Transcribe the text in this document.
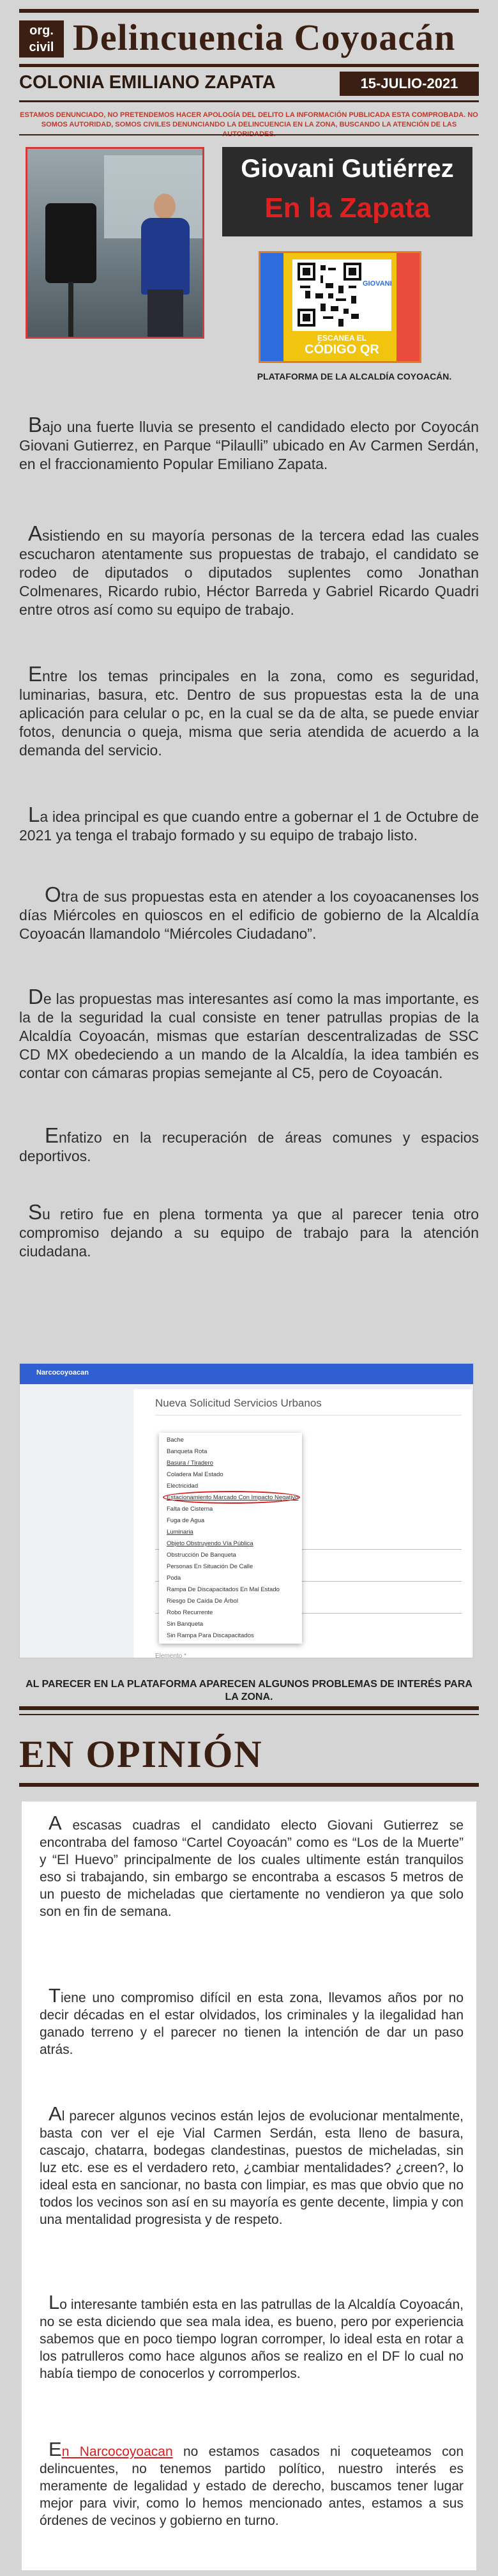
org.
civil Delincuencia Coyoacán
COLONIA EMILIANO ZAPATA	15-JULIO-2021
ESTAMOS DENUNCIADO, NO PRETENDEMOS HACER APOLOGÍA DEL DELITO LA INFORMACIÓN PUBLICADA ESTA COMPROBADA. NO SOMOS AUTORIDAD, SOMOS CIVILES DENUNCIANDO LA DELINCUENCIA EN LA ZONA, BUSCANDO LA ATENCIÓN DE LAS
Giovani Gutiérrez
En la Zapata
GIOVANI
ESCANEA EL
CÓDIGO QR
PLATAFORMA DE LA ALCALDÍA COYOACÁN.

Bajo una fuerte lluvia se presento el candidado electo por Coyocán Giovani Gutierrez, en Parque “Pilaulli” ubicado en Av Carmen Serdán, en el fraccionamiento Popular Emiliano Zapata.

Asistiendo en su mayoría personas de la tercera edad las cuales escucharon atentamente sus propuestas de trabajo, el candidato se rodeo de diputados o diputados suplentes como Jonathan Colmenares, Ricardo rubio, Héctor Barreda y Gabriel Ricardo Quadri entre otros así como su equipo de trabajo.

Entre los temas principales en la zona, como es seguridad, luminarias, basura, etc. Dentro de sus propuestas esta la de una aplicación para celular o pc, en la cual se da de alta, se puede enviar fotos, denuncia o queja, misma que seria atendida de acuerdo a la demanda del servicio.

La idea principal es que cuando entre a gobernar el 1 de Octubre de 2021 ya tenga el trabajo formado y su equipo de trabajo listo.

Otra de sus propuestas esta en atender a los coyoacanenses los días Miércoles en quioscos en el edificio de gobierno de la Alcaldía Coyoacán llamandolo “Miércoles Ciudadano”.

De las propuestas mas interesantes así como la mas importante, es la de la seguridad la cual consiste en tener patrullas propias de la Alcaldía Coyoacán, mismas que estarían descentralizadas de SSC CD MX obedeciendo a un mando de la Alcaldía, la idea también es contar con cámaras propias semejante al C5, pero de Coyoacán.

Enfatizo en la recuperación de áreas comunes y espacios deportivos.

Su retiro fue en plena tormenta ya que al parecer tenia otro compromiso dejando a su equipo de trabajo para la atención ciudadana.

Narcocoyoacan
Nueva Solicitud Servicios Urbanos
Elemento *
Bache
Banqueta Rota
Basura / Tiradero
Coladera Mal Estado
Electricidad
Estacionamiento Marcado Con Impacto Negativo
Falta de Cisterna
Fuga de Agua
Luminaria
Objeto Obstruyendo Vía Pública
Obstrucción De Banqueta
Personas En Situación De Calle
Poda
Rampa De Discapacitados En Mal Estado
Riesgo De Caída De Árbol
Robo Recurrente
Sin Banqueta
Sin Rampa Para Discapacitados
AL PARECER EN LA PLATAFORMA APARECEN ALGUNOS PROBLEMAS DE INTERÉS PARA LA ZONA.
EN OPINIÓN

A escasas cuadras el candidato electo Giovani Gutierrez se encontraba del famoso “Cartel Coyoacán” como es “Los de la Muerte” y “El Huevo” principalmente de los cuales ultimente están tranquilos eso si trabajando, sin embargo se encontraba a escasos 5 metros de un puesto de micheladas que ciertamente no vendieron ya que solo son en fin de semana.

Tiene uno compromiso difícil en esta zona, llevamos años por no decir décadas en el estar olvidados, los criminales y la ilegalidad han ganado terreno y el parecer no tienen la intención de dar un paso atrás.

Al parecer algunos vecinos están lejos de evolucionar mentalmente, basta con ver el eje Vial Carmen Serdán, esta lleno de basura, cascajo, chatarra, bodegas clandestinas, puestos de micheladas, sin luz etc. ese es el verdadero reto, ¿cambiar mentalidades? ¿creen?, lo ideal esta en sancionar, no basta con limpiar, es mas que obvio que no todos los vecinos son así en su mayoría es gente decente, limpia y con una mentalidad progresista y de respeto.

Lo interesante también esta en las patrullas de la Alcaldía Coyoacán, no se esta diciendo que sea mala idea, es bueno, pero por experiencia sabemos que en poco tiempo logran corromper, lo ideal esta en rotar a los patrulleros como hace algunos años se realizo en el DF lo cual no había tiempo de conocerlos y corromperlos.

En Narcocoyoacan no estamos casados ni coqueteamos con delincuentes, no tenemos partido político, nuestro interés es meramente de legalidad y estado de derecho, buscamos tener lugar mejor para vivir, como lo hemos mencionado antes, estamos a sus órdenes de vecinos y gobierno en turno.
